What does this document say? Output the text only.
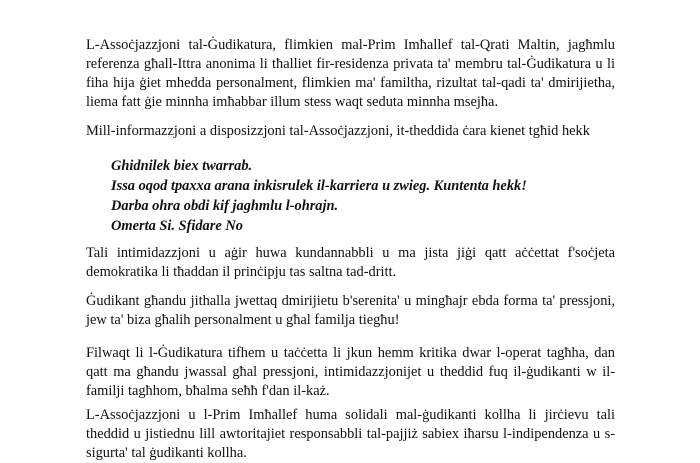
L-Assoċjazzjoni tal-Ġudikatura, flimkien mal-Prim Imħallef tal-Qrati Maltin, jagħmlu referenza għall-Ittra anonima li tħalliet fir-residenza privata ta' membru tal-Ġudikatura u li fiha hija ġiet mhedda personalment, flimkien ma' familtha, rizultat tal-qadi ta' dmirijietha, liema fatt ġie minnha imħabbar illum stess waqt seduta minnha msejħa.

Mill-informazzjoni a disposizzjoni tal-Assoċjazzjoni, it-theddida ċara kienet tgħid hekk

Ghidnilek biex twarrab.
Issa oqod tpaxxa arana inkisrulek il-karriera u zwieg. Kuntenta hekk!
Darba ohra obdi kif jaghmlu l-ohrajn.
Omerta Si. Sfidare No

Tali intimidazzjoni u aġir huwa kundannabbli u ma jista jiġi qatt aċċettat f'soċjeta demokratika li tħaddan il prinċipju tas saltna tad-dritt.

Ġudikant għandu jithalla jwettaq dmirijietu b'serenita' u mingħajr ebda forma ta' pressjoni, jew ta' biza għalih personalment u għal familja tiegħu!

Filwaqt li l-Ġudikatura tifhem u taċċetta li jkun hemm kritika dwar l-operat tagħha, dan qatt ma għandu jwassal għal pressjoni, intimidazzjonijet u theddid fuq il-ġudikanti w il-familji tagħhom, bħalma seħħ f'dan il-każ.

L-Assoċjazzjoni u l-Prim Imħallef huma solidali mal-ġudikanti kollha li jirċievu tali theddid u jistiednu lill awtoritajiet responsabbli tal-pajjiż sabiex iħarsu l-indipendenza u s-sigurta' tal ġudikanti kollha.
